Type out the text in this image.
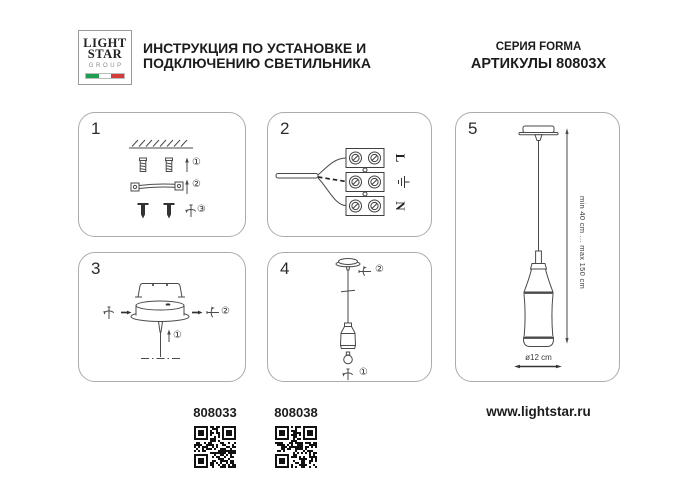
LIGHT
STAR
GROUP
ИНСТРУКЦИЯ ПО УСТАНОВКЕ И
ПОДКЛЮЧЕНИЮ СВЕТИЛЬНИКА
СЕРИЯ FORMA
АРТИКУЛЫ 80803X
1
①
②
③
2
L
N
3
①
②
4	②
①
5
min 40 cm ... max 150 cm
ø12 cm
808033	808038	www.lightstar.ru
